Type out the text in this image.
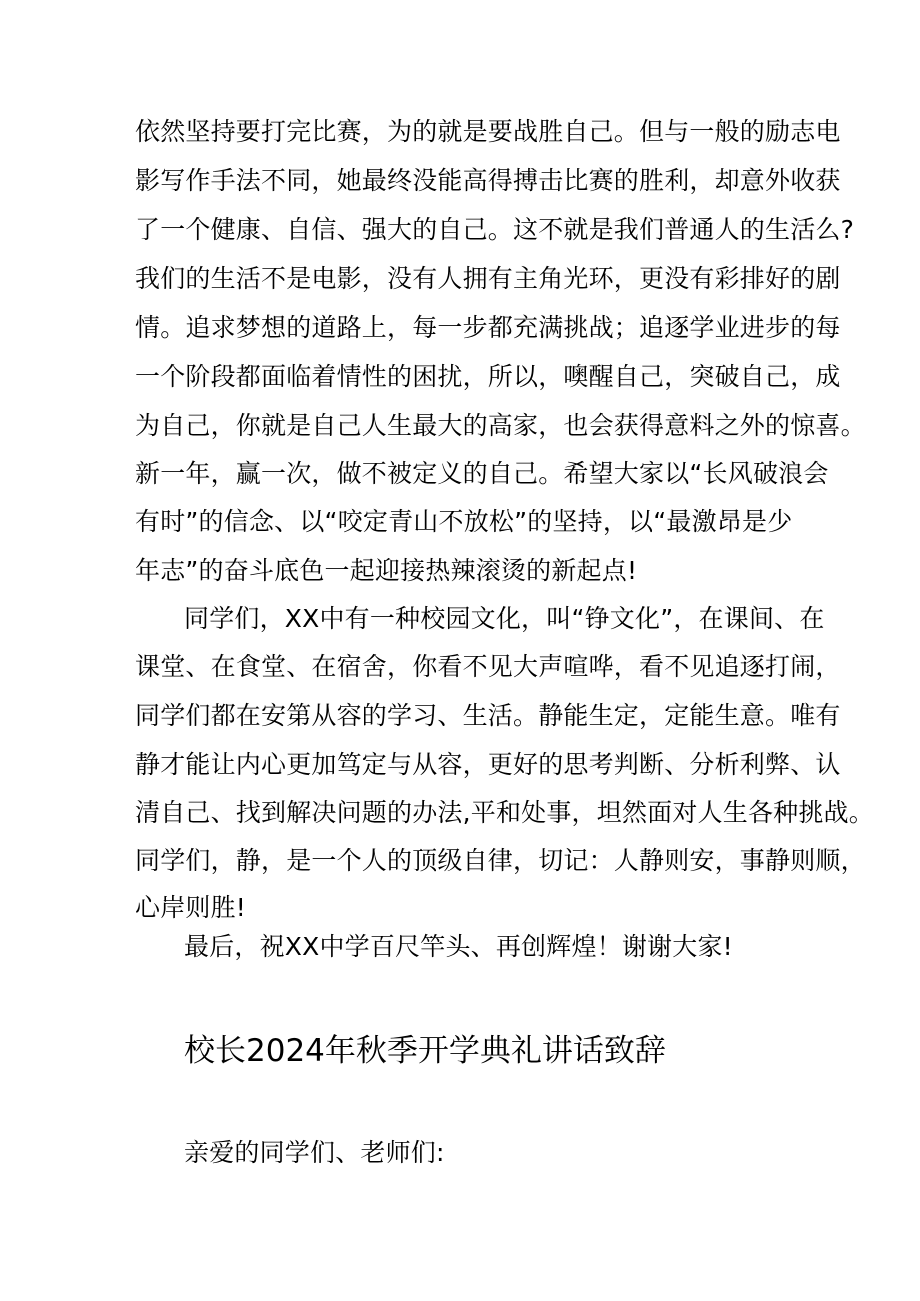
依然坚持要打完比赛，为的就是要战胜自己。但与一般的励志电
影写作手法不同，她最终没能高得搏击比赛的胜利，却意外收获
了一个健康、自信、强大的自己。这不就是我们普通人的生活么?
我们的生活不是电影，没有人拥有主角光环，更没有彩排好的剧
情。追求梦想的道路上，每一步都充满挑战；追逐学业进步的每
一个阶段都面临着情性的困扰，所以，噢醒自己，突破自己，成
为自己，你就是自己人生最大的高家，也会获得意料之外的惊喜。
新一年，赢一次，做不被定义的自己。希望大家以“长风破浪会
有时”的信念、以“咬定青山不放松”的坚持，以“最激昂是少
年志”的奋斗底色一起迎接热辣滚烫的新起点!
同学们，XX中有一种校园文化，叫“铮文化”，在课间、在
课堂、在食堂、在宿舍，你看不见大声喧哗，看不见追逐打闹，
同学们都在安第从容的学习、生活。静能生定，定能生意。唯有
静才能让内心更加笃定与从容，更好的思考判断、分析利弊、认
清自己、找到解决问题的办法,平和处事，坦然面对人生各种挑战。
同学们，静，是一个人的顶级自律，切记：人静则安，事静则顺，
心岸则胜!
最后，祝XX中学百尺竿头、再创辉煌！谢谢大家!
校长2024年秋季开学典礼讲话致辞
亲爱的同学们、老师们:
